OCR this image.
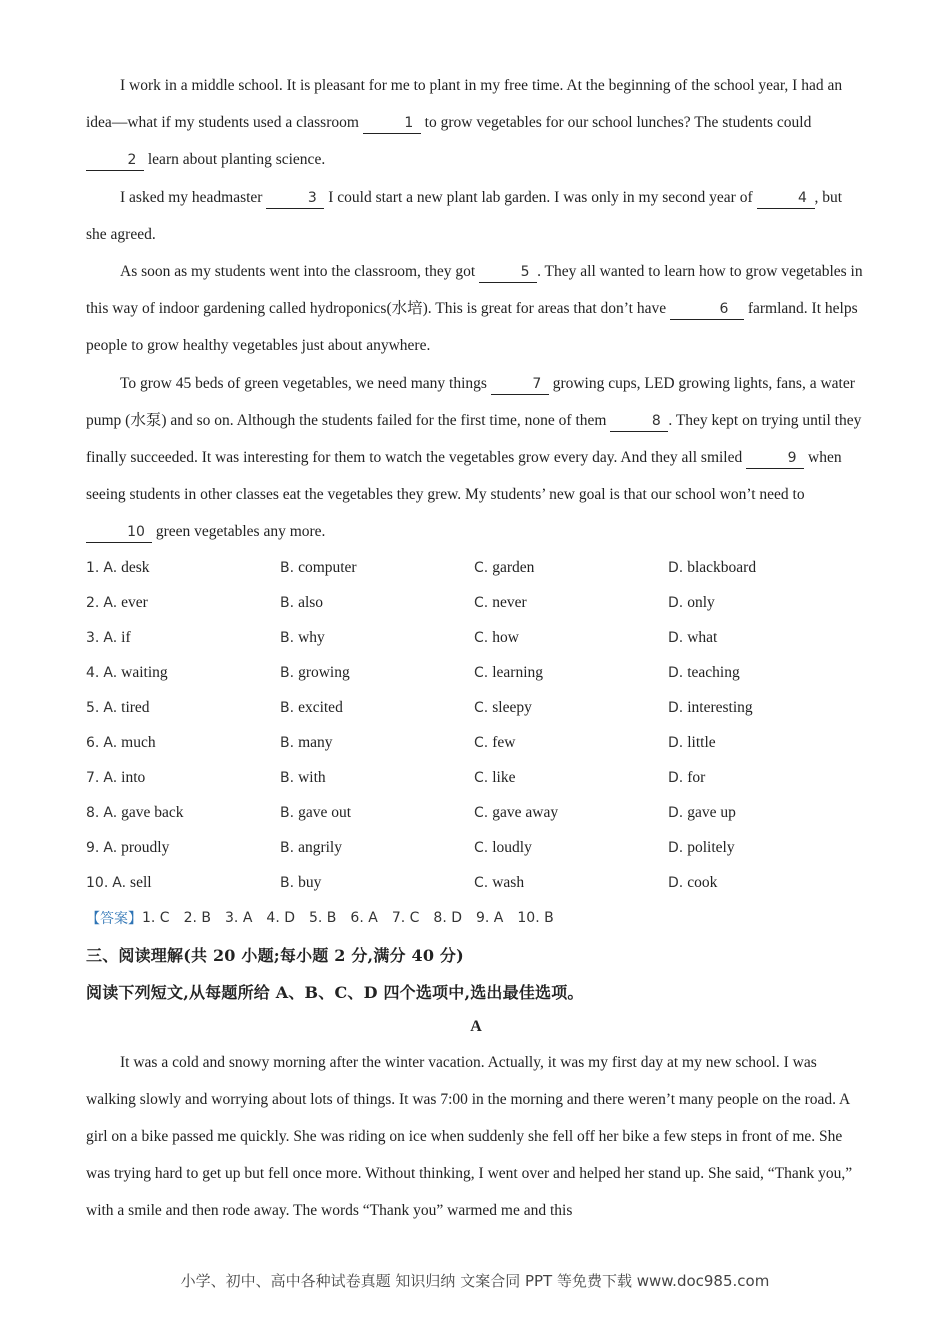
I work in a middle school. It is pleasant for me to plant in my free time. At the beginning of the school year, I had an idea—what if my students used a classroom	1 to grow vegetables for our school lunches? The students could 2 learn about planting science.

I asked my headmaster	3 I could start a new plant lab garden. I was only in my second year of	4 , but she agreed.

As soon as my students went into the classroom, they got	5 . They all wanted to learn how to grow vegetables in this way of indoor gardening called hydroponics(水培). This is great for areas that don’t have	6 farmland. It helps people to grow healthy vegetables just about anywhere.

To grow 45 beds of green vegetables, we need many things	7 growing cups, LED growing lights, fans, a water pump (水泵) and so on. Although the students failed for the first time, none of them	8 . They kept on trying until they finally succeeded. It was interesting for them to watch the vegetables grow every day. And they all smiled	9 when seeing students in other classes eat the vegetables they grew. My students’ new goal is that our school won’t need to 10 green vegetables any more.

1. A. desk	B. computer	C. garden	D. blackboard
2. A. ever	B. also	C. never	D. only
3. A. if	B. why	C. how	D. what
4. A. waiting	B. growing	C. learning	D. teaching
5. A. tired	B. excited	C. sleepy	D. interesting
6. A. much	B. many	C. few	D. little
7. A. into	B. with	C. like	D. for
8. A. gave back	B. gave out	C. gave away	D. gave up
9. A. proudly	B. angrily	C. loudly	D. politely
10. A. sell	B. buy	C. wash	D. cook
【答案】 1. C 2. B 3. A 4. D 5. B 6. A 7. C 8. D 9. A 10. B
三、阅读理解(共 20 小题;每小题 2 分,满分 40 分)
阅读下列短文,从每题所给 A、B、C、D 四个选项中,选出最佳选项。
A

It was a cold and snowy morning after the winter vacation. Actually, it was my first day at my new school. I was walking slowly and worrying about lots of things. It was 7:00 in the morning and there weren’t many people on the road. A girl on a bike passed me quickly. She was riding on ice when suddenly she fell off her bike a few steps in front of me. She was trying hard to get up but fell once more. Without thinking, I went over and helped her stand up. She said, “Thank you,” with a smile and then rode away. The words “Thank you” warmed me and this

小学、初中、高中各种试卷真题 知识归纳 文案合同 PPT 等免费下载 www.doc985.com
